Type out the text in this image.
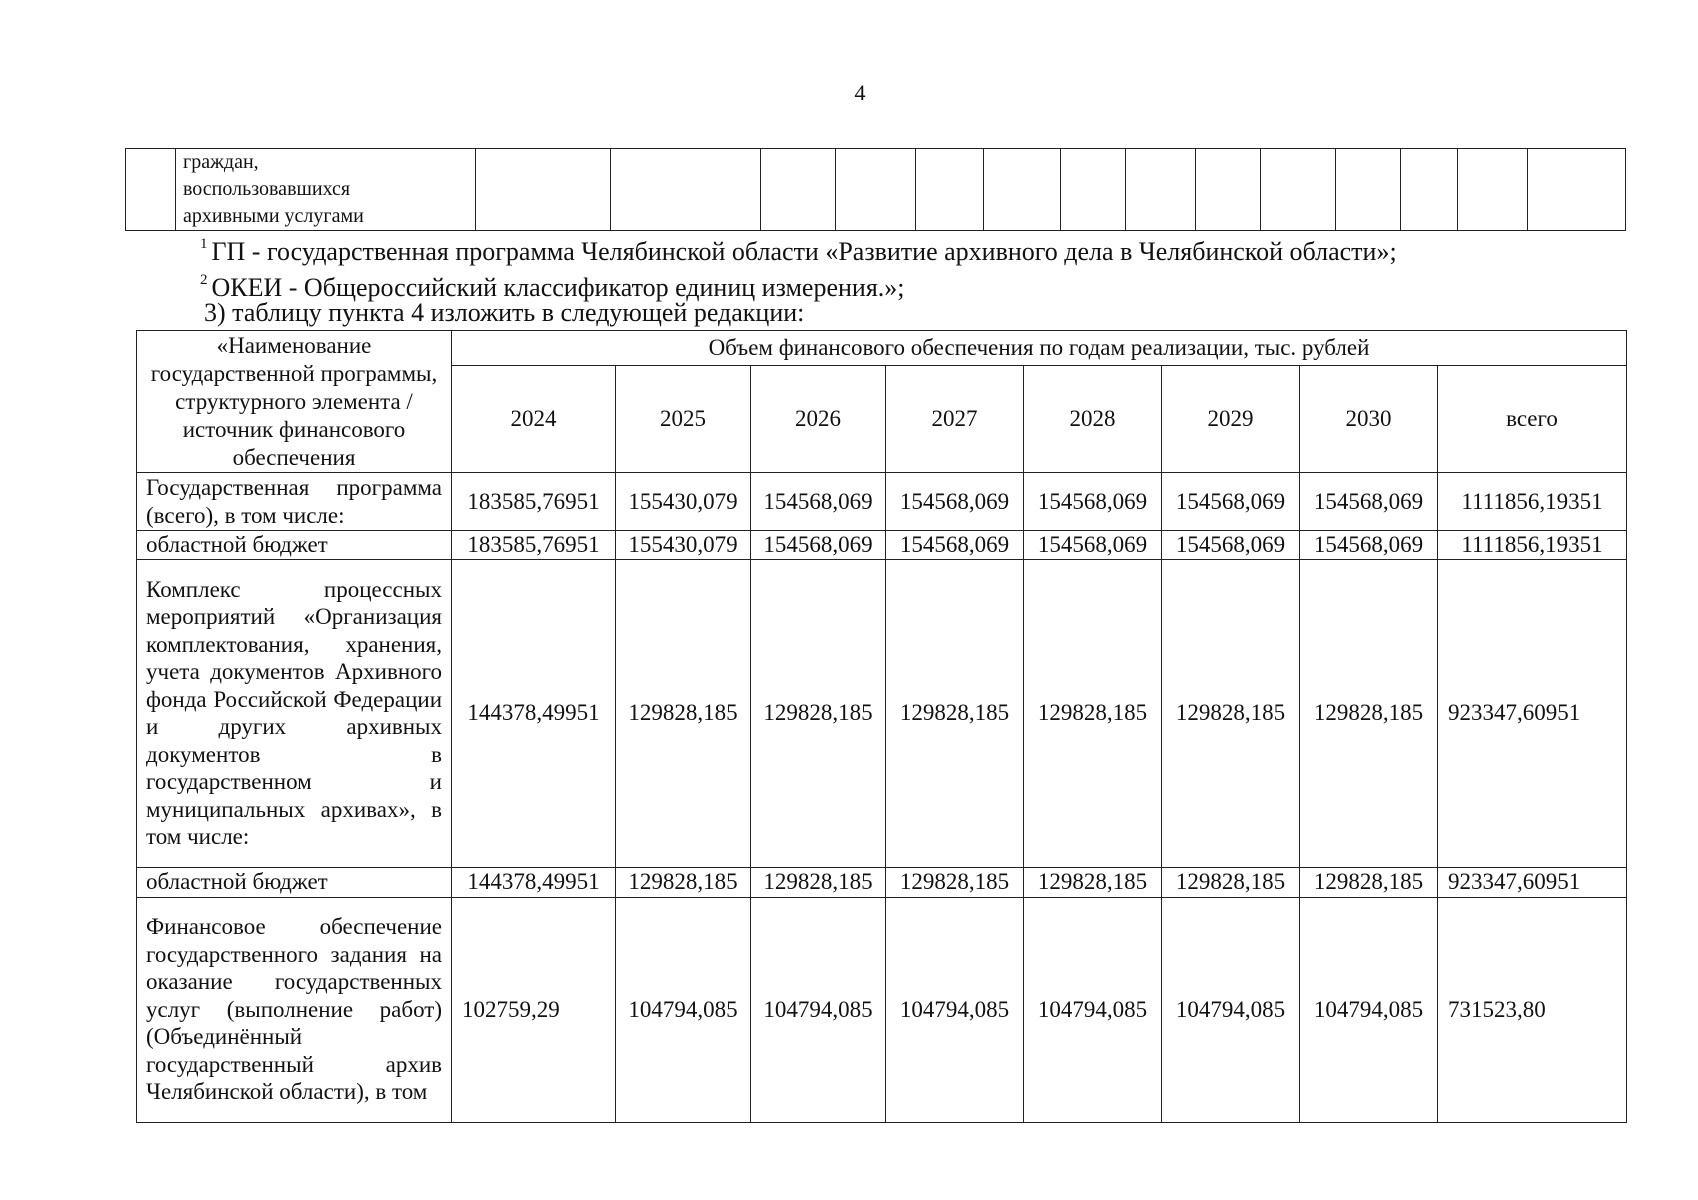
4

граждан,
воспользовавшихся
архивными услугами

$^1$ ГП - государственная программа Челябинской области «Развитие архивного дела в Челябинской области»;
$^2$ ОКЕИ - Общероссийский классификатор единиц измерения.»;
3) таблицу пункта 4 изложить в следующей редакции:
«Наименование государственной программы, структурного элемента / источник финансового обеспечения	Объем финансового обеспечения по годам реализации, тыс. рублей							
	2024	2025	2026	2027	2028	2029	2030	всего
Государственная программа (всего), в том числе:	183585,76951	155430,079	154568,069	154568,069	154568,069	154568,069	154568,069	1111856,19351
областной бюджет	183585,76951	155430,079	154568,069	154568,069	154568,069	154568,069	154568,069	1111856,19351
Комплекс процессных мероприятий «Организация комплектования, хранения, учета документов Архивного фонда Российской Федерации и других архивных документов в государственном и муниципальных архивах», в том числе:	144378,49951	129828,185	129828,185	129828,185	129828,185	129828,185	129828,185	923347,60951
областной бюджет	144378,49951	129828,185	129828,185	129828,185	129828,185	129828,185	129828,185	923347,60951
Финансовое обеспечение государственного задания на оказание государственных услуг (выполнение работ) (Объединённый государственный архив Челябинской области), в том	102759,29	104794,085	104794,085	104794,085	104794,085	104794,085	104794,085	731523,80
